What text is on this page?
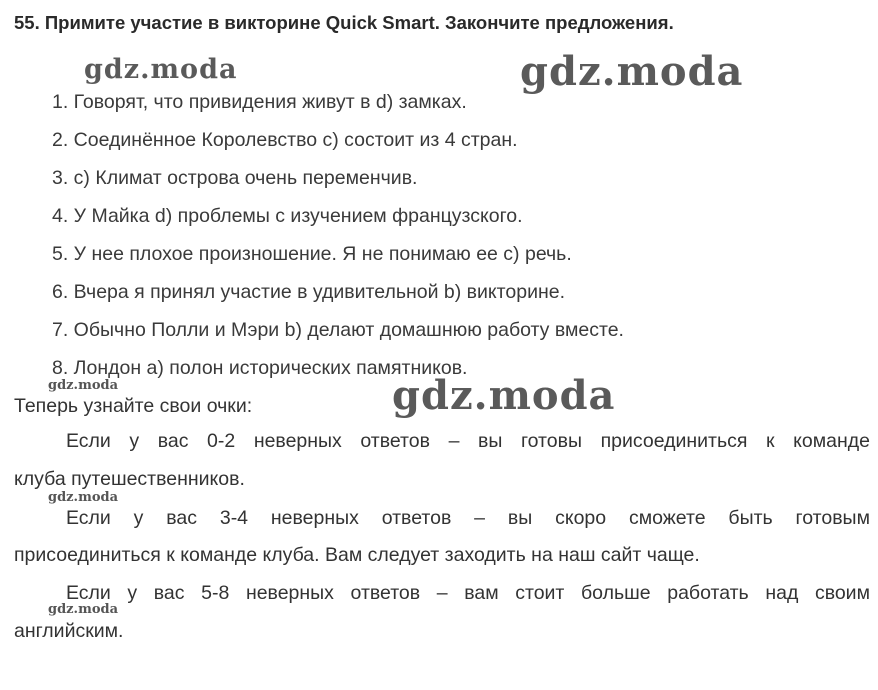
55. Примите участие в викторине Quick Smart. Закончите предложения.
1. Говорят, что привидения живут в d) замках.
2. Соединённое Королевство с) состоит из 4 стран.
3. с) Климат острова очень переменчив.
4. У Майка d) проблемы с изучением французского.
5. У нее плохое произношение. Я не понимаю ее с) речь.
6. Вчера я принял участие в удивительной b) викторине.
7. Обычно Полли и Мэри b) делают домашнюю работу вместе.
8. Лондон а) полон исторических памятников.
Теперь узнайте свои очки:
Если у вас 0-2 неверных ответов – вы готовы присоединиться к команде
клуба путешественников.
Если у вас 3-4 неверных ответов – вы скоро сможете быть готовым
присоединиться к команде клуба. Вам следует заходить на наш сайт чаще.
Если у вас 5-8 неверных ответов – вам стоит больше работать над своим
английским.
gdz.moda	gdz.moda
gdz.moda
gdz.moda
gdz.moda
gdz.moda
